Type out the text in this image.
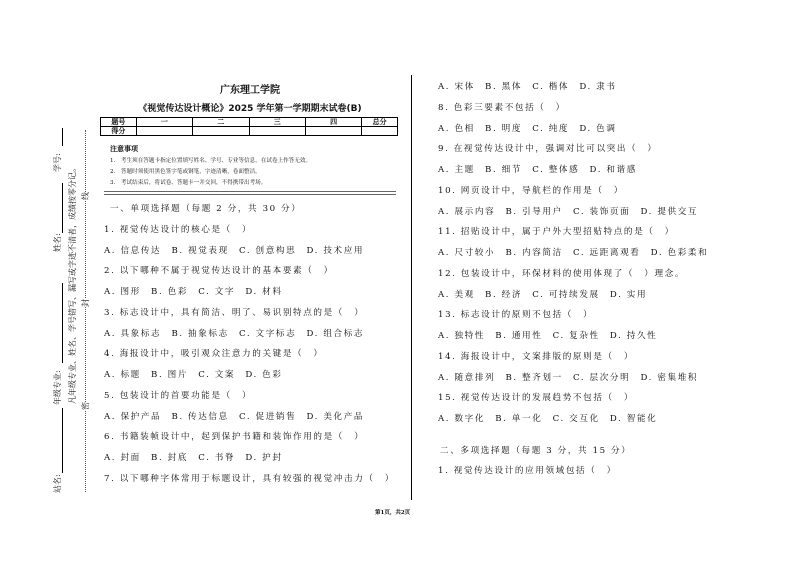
学号:
姓名:
年级专业:
站名:
凡年级专业、姓名、学号错写、漏写或字迹不清者，成绩按零分记。
密
封
线
广东理工学院
《视觉传达设计概论》2025 学年第一学期期末试卷(B)
题号	一	二	三	四	总分
得分					
注意事项
1.　考生须在答题卡指定位置填写姓名、学号、专业等信息，在试卷上作答无效。
2.　答题时须使用黑色签字笔或钢笔，字迹清晰，卷面整洁。
3.　考试结束后，将试卷、答题卡一并交回，不得携带出考场。
二、多项选择题（每题 3 分，共 15 分）
1. 视觉传达设计的应用领域包括（　）
第1页，共2页
一、单项选择题（每题 2 分，共 30 分）
1. 视觉传达设计的核心是（　）
A. 信息传达　B. 视觉表现　C. 创意构思　D. 技术应用
2. 以下哪种不属于视觉传达设计的基本要素（　）
A. 图形　B. 色彩　C. 文字　D. 材料
3. 标志设计中，具有简洁、明了、易识别特点的是（　）
A. 具象标志　B. 抽象标志　C. 文字标志　D. 组合标志
4. 海报设计中，吸引观众注意力的关键是（　）
A. 标题　B. 图片　C. 文案　D. 色彩
5. 包装设计的首要功能是（　）
A. 保护产品　B. 传达信息　C. 促进销售　D. 美化产品
6. 书籍装帧设计中，起到保护书籍和装饰作用的是（　）
A. 封面　B. 封底　C. 书脊　D. 护封
7. 以下哪种字体常用于标题设计，具有较强的视觉冲击力（　）
A. 宋体　B. 黑体　C. 楷体　D. 隶书
8. 色彩三要素不包括（　）
A. 色相　B. 明度　C. 纯度　D. 色调
9. 在视觉传达设计中，强调对比可以突出（　）
A. 主题　B. 细节　C. 整体感　D. 和谐感
10. 网页设计中，导航栏的作用是（　）
A. 展示内容　B. 引导用户　C. 装饰页面　D. 提供交互
11. 招贴设计中，属于户外大型招贴特点的是（　）
A. 尺寸较小　B. 内容简洁　C. 远距离观看　D. 色彩柔和
12. 包装设计中，环保材料的使用体现了（　）理念。
A. 美观　B. 经济　C. 可持续发展　D. 实用
13. 标志设计的原则不包括（　）
A. 独特性　B. 通用性　C. 复杂性　D. 持久性
14. 海报设计中，文案排版的原则是（　）
A. 随意排列　B. 整齐划一　C. 层次分明　D. 密集堆积
15. 视觉传达设计的发展趋势不包括（　）
A. 数字化　B. 单一化　C. 交互化　D. 智能化
